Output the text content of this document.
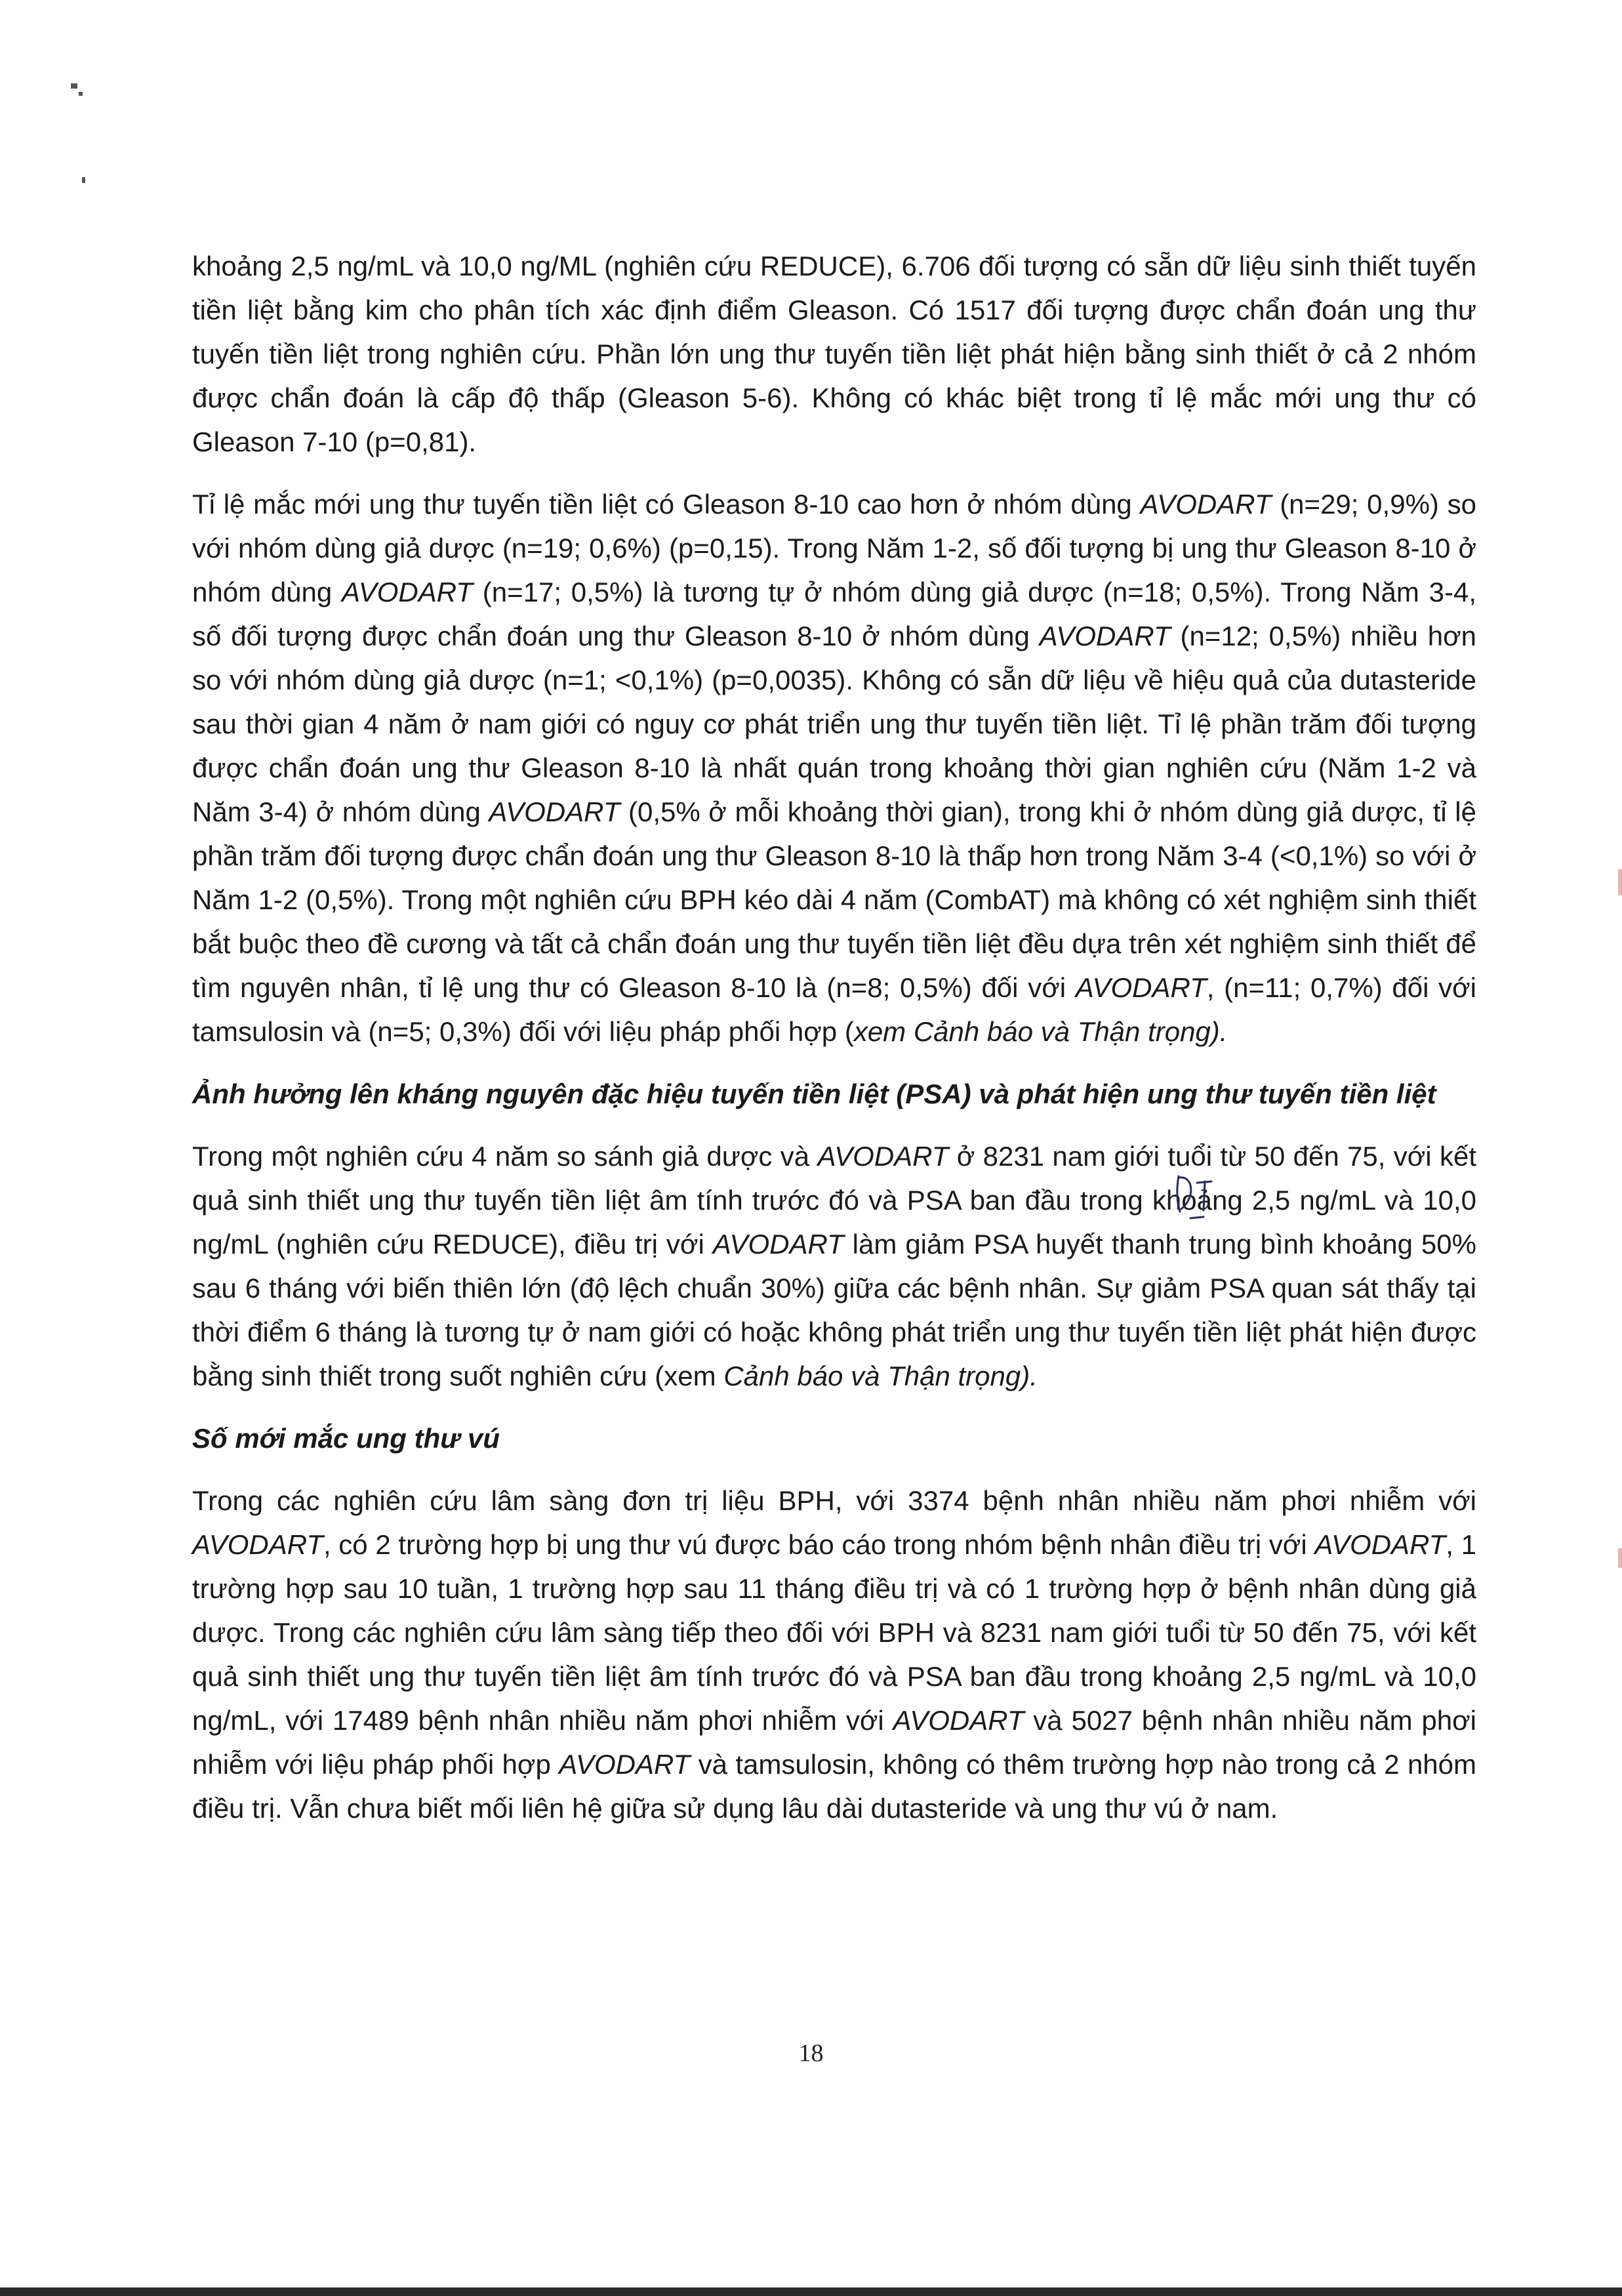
khoảng 2,5 ng/mL và 10,0 ng/ML (nghiên cứu REDUCE), 6.706 đối tượng có sẵn dữ liệu sinh thiết tuyến tiền liệt bằng kim cho phân tích xác định điểm Gleason. Có 1517 đối tượng được chẩn đoán ung thư tuyến tiền liệt trong nghiên cứu. Phần lớn ung thư tuyến tiền liệt phát hiện bằng sinh thiết ở cả 2 nhóm được chẩn đoán là cấp độ thấp (Gleason 5-6). Không có khác biệt trong tỉ lệ mắc mới ung thư có Gleason 7-10 (p=0,81).

Tỉ lệ mắc mới ung thư tuyến tiền liệt có Gleason 8-10 cao hơn ở nhóm dùng AVODART (n=29; 0,9%) so với nhóm dùng giả dược (n=19; 0,6%) (p=0,15). Trong Năm 1-2, số đối tượng bị ung thư Gleason 8-10 ở nhóm dùng AVODART (n=17; 0,5%) là tương tự ở nhóm dùng giả dược (n=18; 0,5%). Trong Năm 3-4, số đối tượng được chẩn đoán ung thư Gleason 8-10 ở nhóm dùng AVODART (n=12; 0,5%) nhiều hơn so với nhóm dùng giả dược (n=1; <0,1%) (p=0,0035). Không có sẵn dữ liệu về hiệu quả của dutasteride sau thời gian 4 năm ở nam giới có nguy cơ phát triển ung thư tuyến tiền liệt. Tỉ lệ phần trăm đối tượng được chẩn đoán ung thư Gleason 8-10 là nhất quán trong khoảng thời gian nghiên cứu (Năm 1-2 và Năm 3-4) ở nhóm dùng AVODART (0,5% ở mỗi khoảng thời gian), trong khi ở nhóm dùng giả dược, tỉ lệ phần trăm đối tượng được chẩn đoán ung thư Gleason 8-10 là thấp hơn trong Năm 3-4 (<0,1%) so với ở Năm 1-2 (0,5%). Trong một nghiên cứu BPH kéo dài 4 năm (CombAT) mà không có xét nghiệm sinh thiết bắt buộc theo đề cương và tất cả chẩn đoán ung thư tuyến tiền liệt đều dựa trên xét nghiệm sinh thiết để tìm nguyên nhân, tỉ lệ ung thư có Gleason 8-10 là (n=8; 0,5%) đối với AVODART, (n=11; 0,7%) đối với tamsulosin và (n=5; 0,3%) đối với liệu pháp phối hợp (xem Cảnh báo và Thận trọng).

Ảnh hưởng lên kháng nguyên đặc hiệu tuyến tiền liệt (PSA) và phát hiện ung thư tuyến tiền liệt

Trong một nghiên cứu 4 năm so sánh giả dược và AVODART ở 8231 nam giới tuổi từ 50 đến 75, với kết quả sinh thiết ung thư tuyến tiền liệt âm tính trước đó và PSA ban đầu trong khoảng 2,5 ng/mL và 10,0 ng/mL (nghiên cứu REDUCE), điều trị với AVODART làm giảm PSA huyết thanh trung bình khoảng 50% sau 6 tháng với biến thiên lớn (độ lệch chuẩn 30%) giữa các bệnh nhân. Sự giảm PSA quan sát thấy tại thời điểm 6 tháng là tương tự ở nam giới có hoặc không phát triển ung thư tuyến tiền liệt phát hiện được bằng sinh thiết trong suốt nghiên cứu (xem Cảnh báo và Thận trọng).

Số mới mắc ung thư vú

Trong các nghiên cứu lâm sàng đơn trị liệu BPH, với 3374 bệnh nhân nhiều năm phơi nhiễm với AVODART, có 2 trường hợp bị ung thư vú được báo cáo trong nhóm bệnh nhân điều trị với AVODART, 1 trường hợp sau 10 tuần, 1 trường hợp sau 11 tháng điều trị và có 1 trường hợp ở bệnh nhân dùng giả dược. Trong các nghiên cứu lâm sàng tiếp theo đối với BPH và 8231 nam giới tuổi từ 50 đến 75, với kết quả sinh thiết ung thư tuyến tiền liệt âm tính trước đó và PSA ban đầu trong khoảng 2,5 ng/mL và 10,0 ng/mL, với 17489 bệnh nhân nhiều năm phơi nhiễm với AVODART và 5027 bệnh nhân nhiều năm phơi nhiễm với liệu pháp phối hợp AVODART và tamsulosin, không có thêm trường hợp nào trong cả 2 nhóm điều trị. Vẫn chưa biết mối liên hệ giữa sử dụng lâu dài dutasteride và ung thư vú ở nam.

18
